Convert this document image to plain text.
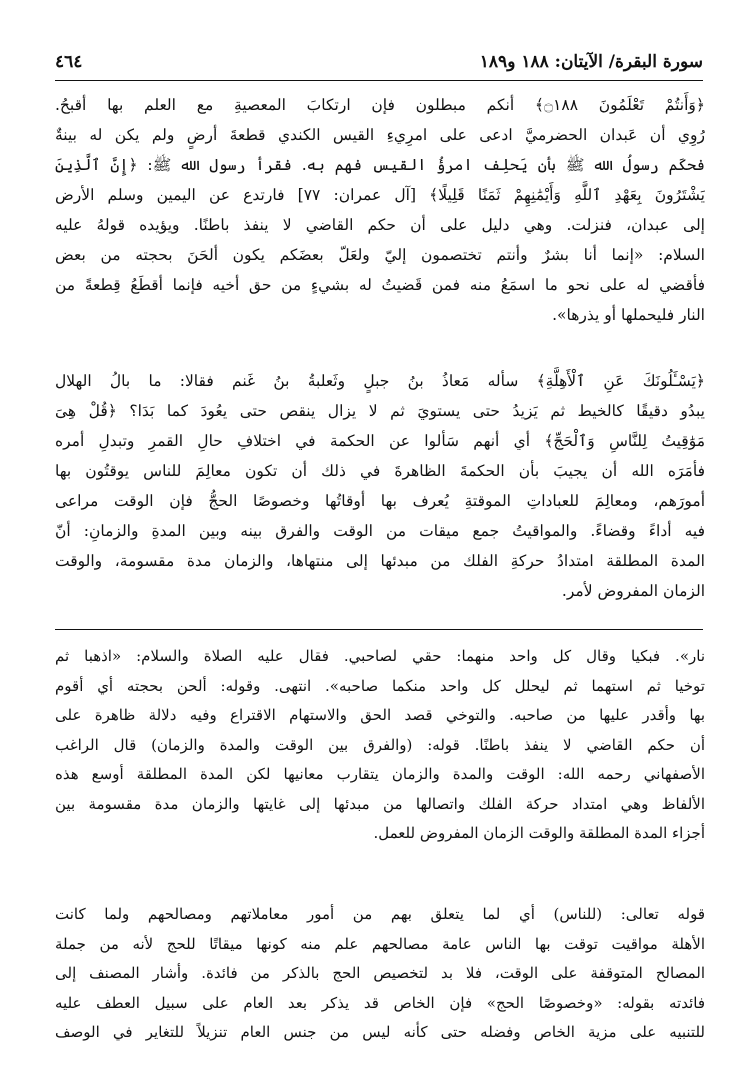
سورة البقرة/ الآيتان: ١٨٨ و١٨٩
٤٦٤
﴿وَأَنتُمْ تَعْلَمُونَ ۝١٨٨﴾ أنكم مبطلون فإن ارتكابَ المعصيةِ مع العلم بها أقبحُ.
رُوِي أن عَبدان الحضرميَّ ادعى على امرِيءِ القيس الكندي قطعةَ أرضٍ ولم يكن له بينةٌ
فحكَم رسولُ الله ﷺ بأن يَحلِف امرؤُ القيس فهم به. فقرأ رسول الله ﷺ: ﴿إِنَّ ٱلَّذِينَ
يَشْتَرُونَ بِعَهْدِ ٱللَّهِ وَأَيْمَٰنِهِمْ ثَمَنًا قَلِيلًا﴾ [آل عمران: ٧٧] فارتدع عن اليمين وسلم الأرض
إلى عبدان، فنزلت. وهي دليل على أن حكم القاضي لا ينفذ باطنًا. ويؤيده قولهُ عليه
السلام: «إنما أنا بشرٌ وأنتم تختصمون إليّ ولعَلّ بعضَكم يكون ألحَنَ بحجته من بعض
فأقضي له على نحو ما اسمَعُ منه فمن قَضيتُ له بشيءٍ من حق أخيه فإنما أقطَعُ قِطعةً من
النار فليحملها أو يذرها».
﴿يَسْـَٔلُونَكَ عَنِ ٱلْأَهِلَّةِ﴾ سأله مَعاذُ بنُ جبلٍ وثَعلبةُ بنُ غَنم فقالا: ما بالُ الهلال
يبدُو دقيقًا كالخيط ثم يَزيدُ حتى يستويَ ثم لا يزال ينقص حتى يعُودَ كما بَدَا؟ ﴿قُلْ هِىَ
مَوَٰقِيتُ لِلنَّاسِ وَٱلْحَجِّ﴾ أي أنهم سَألوا عن الحكمة في اختلافِ حالِ القمرِ وتبدلِ أمره
فأمَرَه الله أن يجيبَ بأن الحكمةَ الظاهرةَ في ذلك أن تكون معالِمَ للناس يوقتُون بها
أمورَهم، ومعالِمَ للعباداتِ الموقتةِ يُعرف بها أوقاتُها وخصوصًا الحجُّ فإن الوقت مراعى
فيه أداءً وقضاءً. والمواقيتُ جمع ميقات من الوقت والفرق بينه وبين المدةِ والزمانِ: أنّ
المدة المطلقة امتدادُ حركةِ الفلك من مبدئها إلى منتهاها، والزمان مدة مقسومة، والوقت
الزمان المفروض لأمر.
نار». فبكيا وقال كل واحد منهما: حقي لصاحبي. فقال عليه الصلاة والسلام: «اذهبا ثم
توخيا ثم استهما ثم ليحلل كل واحد منكما صاحبه». انتهى. وقوله: ألحن بحجته أي أقوم
بها وأقدر عليها من صاحبه. والتوخي قصد الحق والاستهام الاقتراع وفيه دلالة ظاهرة على
أن حكم القاضي لا ينفذ باطنًا. قوله: (والفرق بين الوقت والمدة والزمان) قال الراغب
الأصفهاني رحمه الله: الوقت والمدة والزمان يتقارب معانيها لكن المدة المطلقة أوسع هذه
الألفاظ وهي امتداد حركة الفلك واتصالها من مبدئها إلى غايتها والزمان مدة مقسومة بين
أجزاء المدة المطلقة والوقت الزمان المفروض للعمل.
قوله تعالى: (للناس) أي لما يتعلق بهم من أمور معاملاتهم ومصالحهم ولما كانت
الأهلة مواقيت توقت بها الناس عامة مصالحهم علم منه كونها ميقاتًا للحج لأنه من جملة
المصالح المتوقفة على الوقت، فلا بد لتخصيص الحج بالذكر من فائدة. وأشار المصنف إلى
فائدته بقوله: «وخصوصًا الحج» فإن الخاص قد يذكر بعد العام على سبيل العطف عليه
للتنبيه على مزية الخاص وفضله حتى كأنه ليس من جنس العام تنزيلاً للتغاير في الوصف
